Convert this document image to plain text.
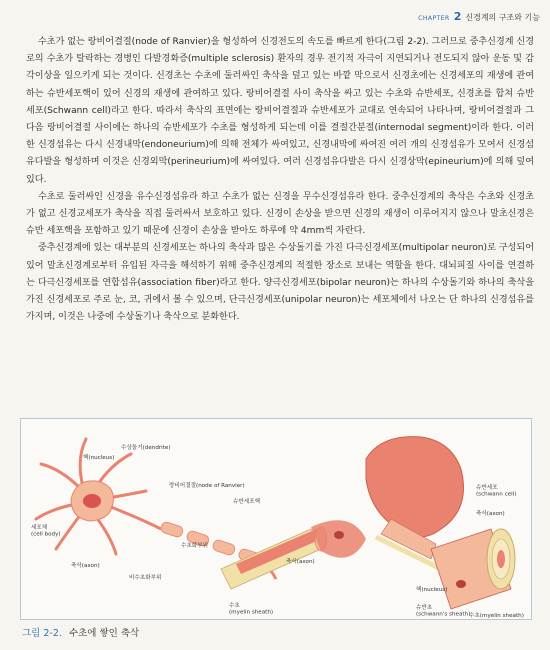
CHAPTER 2 신경계의 구조와 기능

수초가 없는 랑비어결절(node of Ranvier)을 형성하여 신경전도의 속도를 빠르게 한다(그림 2-2). 그러므로 중추신경계 신경로의 수초가 탈락하는 경병인 다발경화증(multiple sclerosis) 환자의 경우 전기적 자극이 지연되거나 전도되지 않아 운동 및 감각이상을 일으키게 되는 것이다. 신경초는 수초에 둘러싸인 축삭을 덮고 있는 바깥 막으로서 신경초에는 신경세포의 재생에 관여하는 슈반세포핵이 있어 신경의 재생에 관여하고 있다. 랑비어결절 사이 축삭을 싸고 있는 수초와 슈반세포, 신경초를 합쳐 슈반세포(Schwann cell)라고 한다. 따라서 축삭의 표면에는 랑비어결절과 슈반세포가 교대로 연속되어 나타나며, 랑비어결절과 그 다음 랑비어결절 사이에는 하나의 슈반세포가 수초를 형성하게 되는데 이를 결절간분절(internodal segment)이라 한다. 이러한 신경섬유는 다시 신경내막(endoneurium)에 의해 전체가 싸여있고, 신경내막에 싸여진 여러 개의 신경섬유가 모여서 신경섬유다발을 형성하며 이것은 신경외막(perineurium)에 싸여있다. 여러 신경섬유다발은 다시 신경상막(epineurium)에 의해 덮여 있다.

수초로 둘러싸인 신경을 유수신경섬유라 하고 수초가 없는 신경을 무수신경섬유라 한다. 중추신경계의 축삭은 수초와 신경초가 없고 신경교세포가 축삭을 직접 둘러싸서 보호하고 있다. 신경이 손상을 받으면 신경의 재생이 이루어지지 않으나 말초신경은 슈반 세포핵을 포함하고 있기 때문에 신경이 손상을 받아도 하루에 약 4mm씩 자란다.

중추신경계에 있는 대부분의 신경세포는 하나의 축삭과 많은 수상돌기를 가진 다극신경세포(multipolar neuron)로 구성되어 있어 말초신경계로부터 유입된 자극을 해석하기 위해 중추신경계의 적절한 장소로 보내는 역할을 한다. 대뇌피질 사이를 연결하는 다극신경세포를 연합섬유(association fiber)라고 한다. 양극신경세포(bipolar neuron)는 하나의 수상돌기와 하나의 축삭을 가진 신경세포로 주로 눈, 코, 귀에서 볼 수 있으며, 단극신경세포(unipolar neuron)는 세포체에서 나오는 단 하나의 신경섬유를 가지며, 이것은 나중에 수상돌기나 축삭으로 분화한다.

핵(nucleus)
수상돌기(dendrite)
랑비어결절(node of Ranvier)
슈반세포핵
세포체 (cell body)
축삭(axon)
비수초화부위
수초화부위
축삭(axon)
수초 (myelin sheath)
슈반세포 (schwann cell)
축삭(axon)
핵(nucleus)
슈반초 (schwann's sheath)
수초(myelin sheath)
그림 2-2. 수초에 쌓인 축삭
